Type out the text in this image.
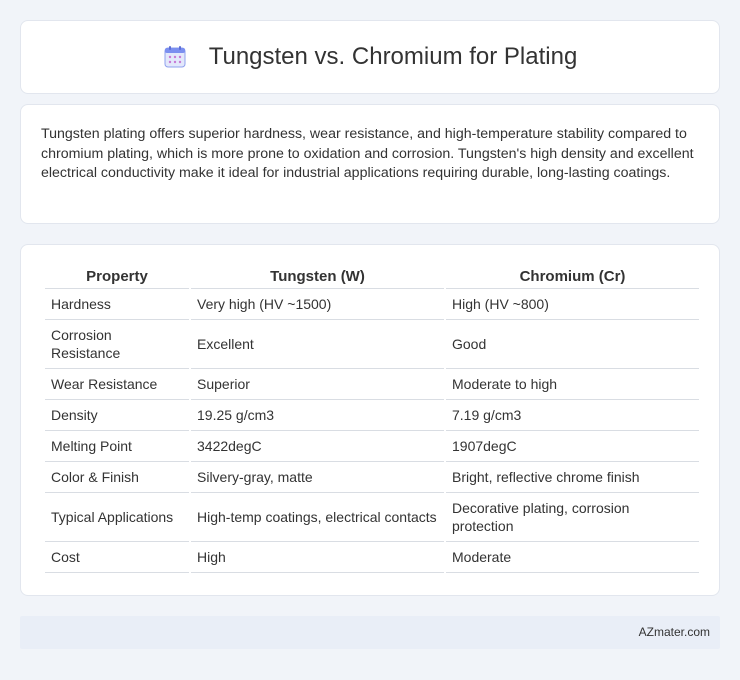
Tungsten vs. Chromium for Plating

Tungsten plating offers superior hardness, wear resistance, and high-temperature stability compared to chromium plating, which is more prone to oxidation and corrosion. Tungsten's high density and excellent electrical conductivity make it ideal for industrial applications requiring durable, long-lasting coatings.

Property	Tungsten (W)	Chromium (Cr)
Hardness	Very high (HV ~1500)	High (HV ~800)
Corrosion Resistance	Excellent	Good
Wear Resistance	Superior	Moderate to high
Density	19.25 g/cm3	7.19 g/cm3
Melting Point	3422degC	1907degC
Color & Finish	Silvery-gray, matte	Bright, reflective chrome finish
Typical Applications	High-temp coatings, electrical contacts	Decorative plating, corrosion protection
Cost	High	Moderate
AZmater.com
